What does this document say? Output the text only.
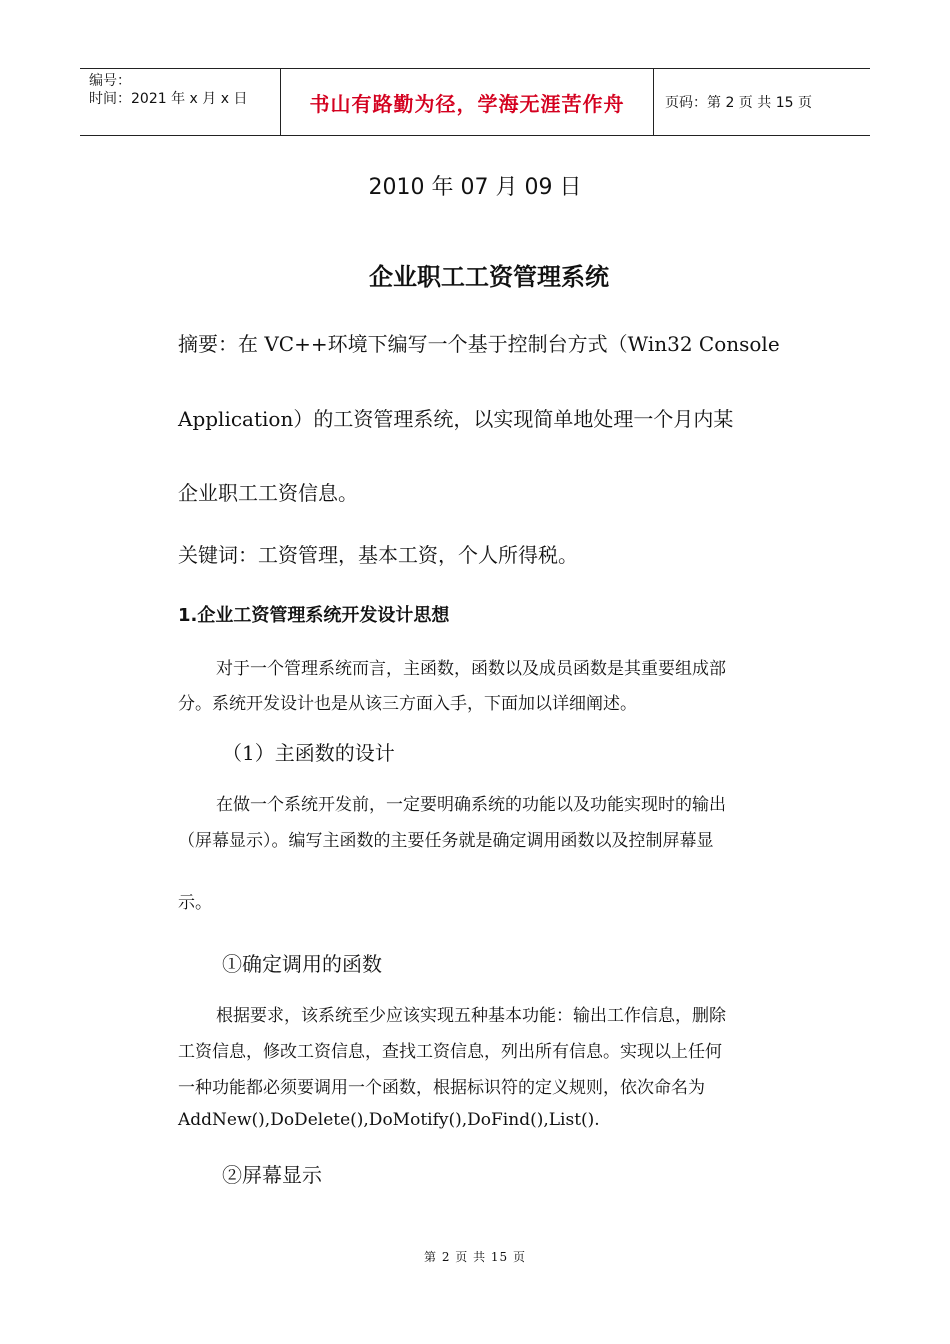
编号：
时间：2021 年 x 月 x 日	书山有路勤为径，学海无涯苦作舟	页码：第 2 页 共 15 页
2010 年 07 月 09 日
企业职工工资管理系统
摘要：在 VC++环境下编写一个基于控制台方式（Win32 Console
Application）的工资管理系统，以实现简单地处理一个月内某
企业职工工资信息。
关键词：工资管理，基本工资，个人所得税。
1.企业工资管理系统开发设计思想
对于一个管理系统而言，主函数，函数以及成员函数是其重要组成部
分。系统开发设计也是从该三方面入手，下面加以详细阐述。
（1）主函数的设计
在做一个系统开发前，一定要明确系统的功能以及功能实现时的输出
（屏幕显示）。编写主函数的主要任务就是确定调用函数以及控制屏幕显
示。
①确定调用的函数
根据要求，该系统至少应该实现五种基本功能：输出工作信息，删除
工资信息，修改工资信息，查找工资信息，列出所有信息。实现以上任何
一种功能都必须要调用一个函数，根据标识符的定义规则，依次命名为
AddNew(),DoDelete(),DoMotify(),DoFind(),List().
②屏幕显示
第 2 页 共 15 页
